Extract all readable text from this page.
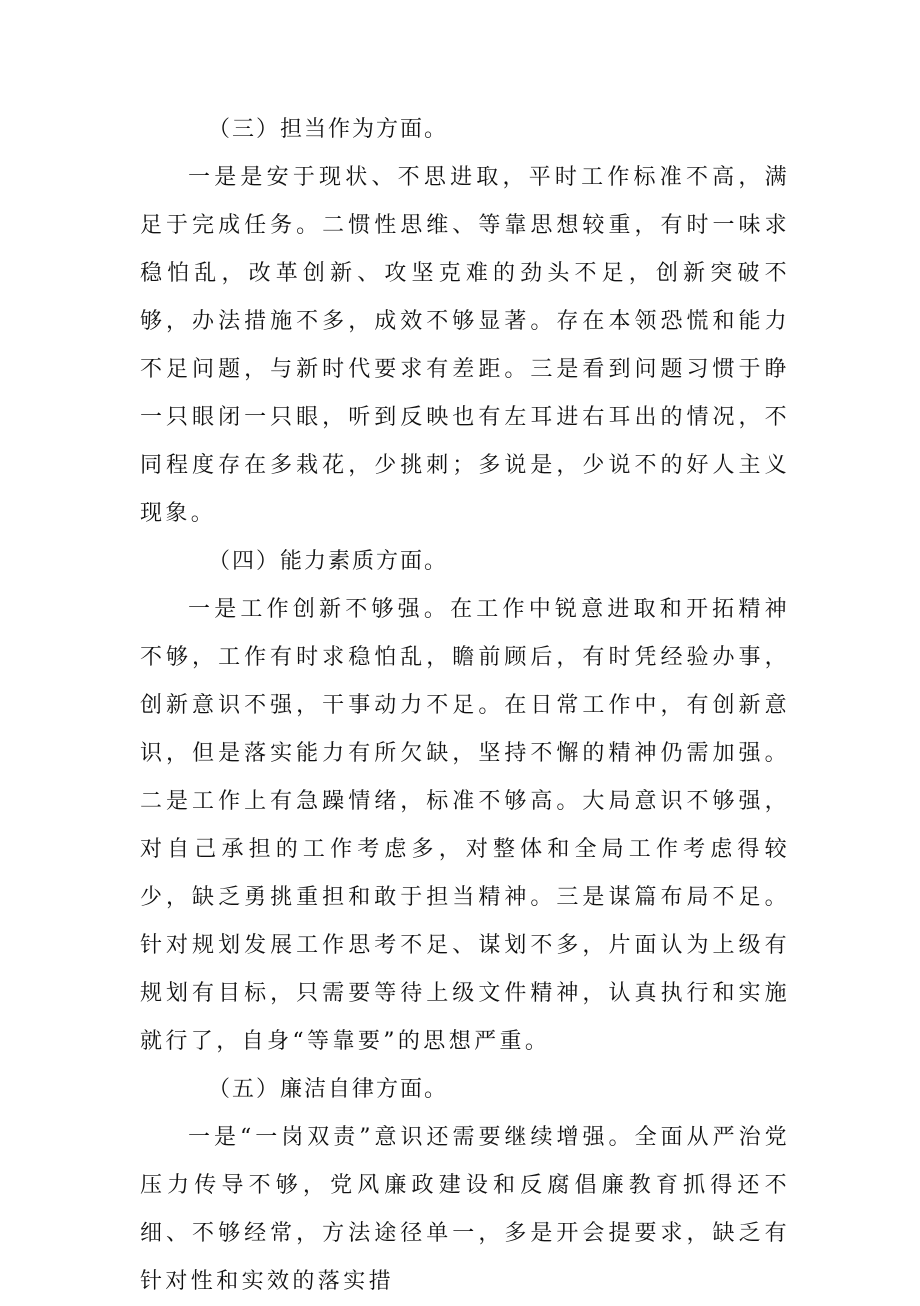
（三）担当作为方面。

一是是安于现状、不思进取，平时工作标准不高，满足于完成任务。二惯性思维、等靠思想较重，有时一味求稳怕乱，改革创新、攻坚克难的劲头不足，创新突破不够，办法措施不多，成效不够显著。存在本领恐慌和能力不足问题，与新时代要求有差距。三是看到问题习惯于睁一只眼闭一只眼，听到反映也有左耳进右耳出的情况，不同程度存在多栽花，少挑刺；多说是，少说不的好人主义现象。

（四）能力素质方面。

一是工作创新不够强。在工作中锐意进取和开拓精神不够，工作有时求稳怕乱，瞻前顾后，有时凭经验办事，创新意识不强，干事动力不足。在日常工作中，有创新意识，但是落实能力有所欠缺，坚持不懈的精神仍需加强。二是工作上有急躁情绪，标准不够高。大局意识不够强，对自己承担的工作考虑多，对整体和全局工作考虑得较少，缺乏勇挑重担和敢于担当精神。三是谋篇布局不足。针对规划发展工作思考不足、谋划不多，片面认为上级有规划有目标，只需要等待上级文件精神，认真执行和实施就行了，自身“等靠要”的思想严重。

（五）廉洁自律方面。

一是“一岗双责”意识还需要继续增强。全面从严治党压力传导不够，党风廉政建设和反腐倡廉教育抓得还不细、不够经常，方法途径单一，多是开会提要求，缺乏有针对性和实效的落实措
